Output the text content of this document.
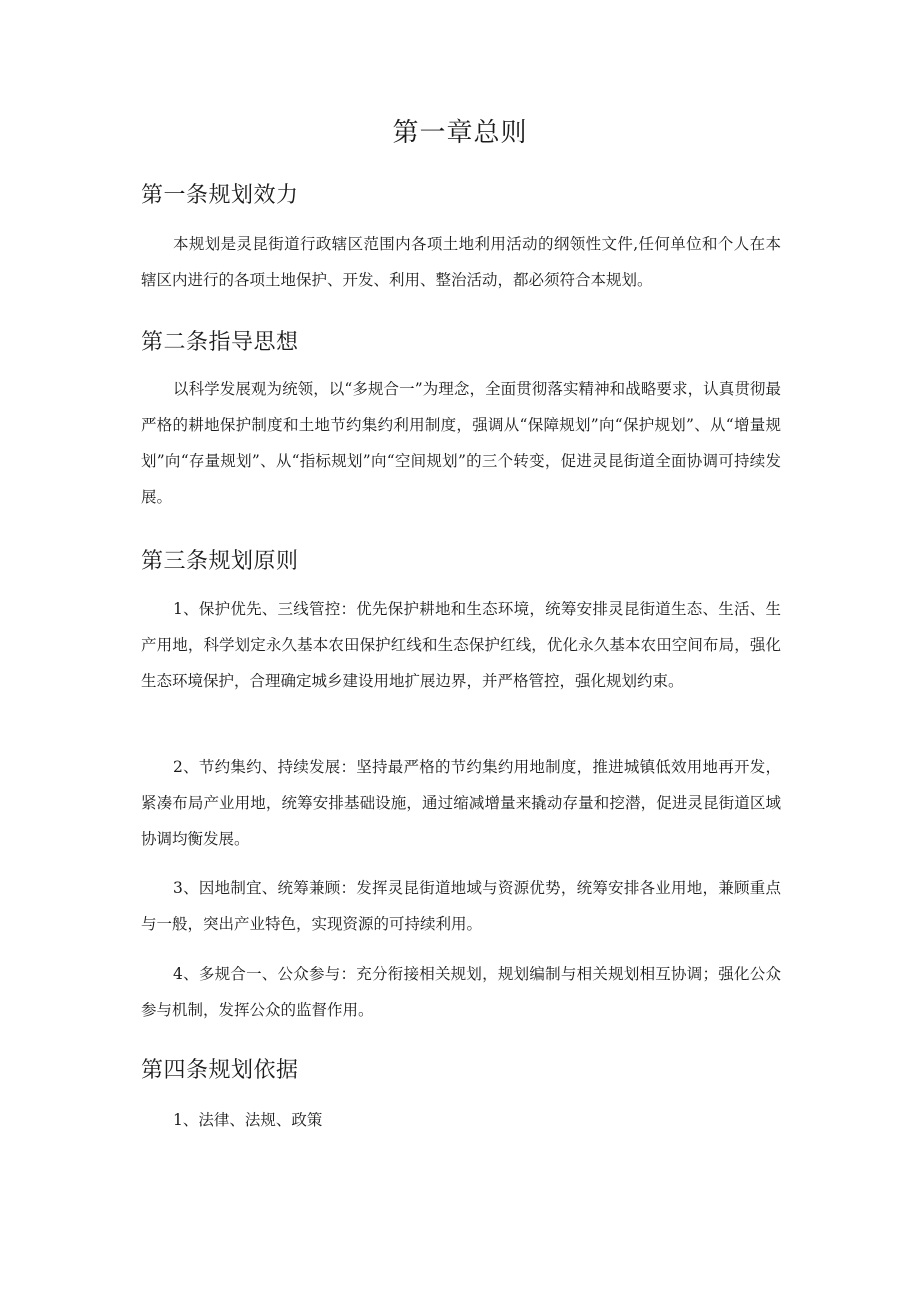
第一章总则
第一条规划效力
本规划是灵昆街道行政辖区范围内各项土地利用活动的纲领性文件,任何单位和个人在本辖区内进行的各项土地保护、开发、利用、整治活动，都必须符合本规划。
第二条指导思想
以科学发展观为统领，以“多规合一”为理念，全面贯彻落实精神和战略要求，认真贯彻最严格的耕地保护制度和土地节约集约利用制度，强调从“保障规划”向“保护规划”、从“增量规划”向“存量规划”、从“指标规划”向“空间规划”的三个转变，促进灵昆街道全面协调可持续发展。
第三条规划原则
1、保护优先、三线管控：优先保护耕地和生态环境，统筹安排灵昆街道生态、生活、生产用地，科学划定永久基本农田保护红线和生态保护红线，优化永久基本农田空间布局，强化生态环境保护，合理确定城乡建设用地扩展边界，并严格管控，强化规划约束。
2、节约集约、持续发展：坚持最严格的节约集约用地制度，推进城镇低效用地再开发，紧凑布局产业用地，统筹安排基础设施，通过缩减增量来撬动存量和挖潜，促进灵昆街道区域协调均衡发展。
3、因地制宜、统筹兼顾：发挥灵昆街道地域与资源优势，统筹安排各业用地，兼顾重点与一般，突出产业特色，实现资源的可持续利用。
4、多规合一、公众参与：充分衔接相关规划，规划编制与相关规划相互协调；强化公众参与机制，发挥公众的监督作用。
第四条规划依据
1、法律、法规、政策
